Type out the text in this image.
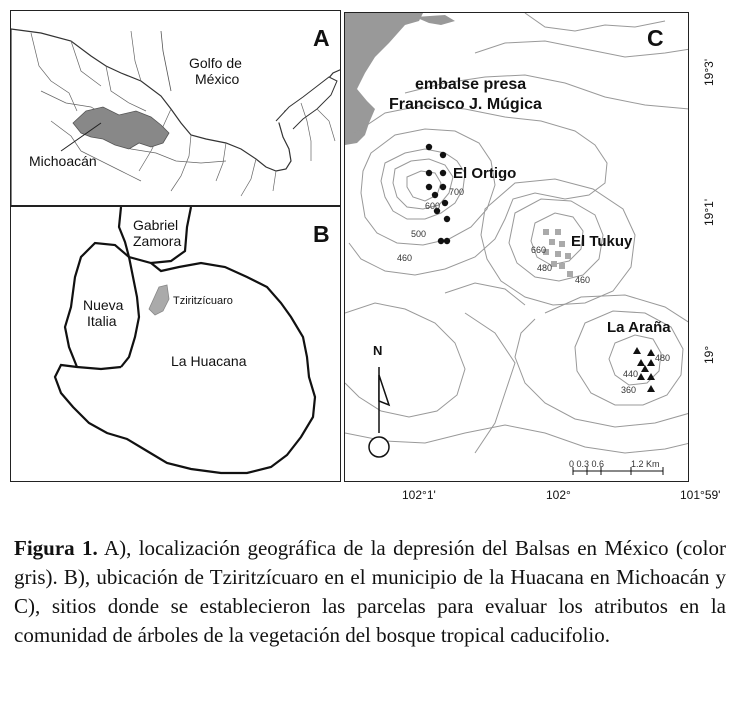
A
Golfo de
México
Michoacán
B
Gabriel
Zamora
Nueva
Italia
Tziritzícuaro
La Huacana
C
embalse presa
Francisco J. Múgica
El Ortigo
El Tukuy
La Araña
700
600
500
460
660
480
460
480
440
360
N
0 0.3 0.6	1.2 Km
102°1'	102°	101°59'
19°3'
19°1'
19°
Figura 1. A), localización geográfica de la depresión del Balsas en México (color gris). B), ubicación de Tziritzícuaro en el municipio de la Huacana en Michoacán y C), sitios donde se establecieron las parcelas para evaluar los atributos en la comunidad de árboles de la vegetación del bosque tropical caducifolio.
